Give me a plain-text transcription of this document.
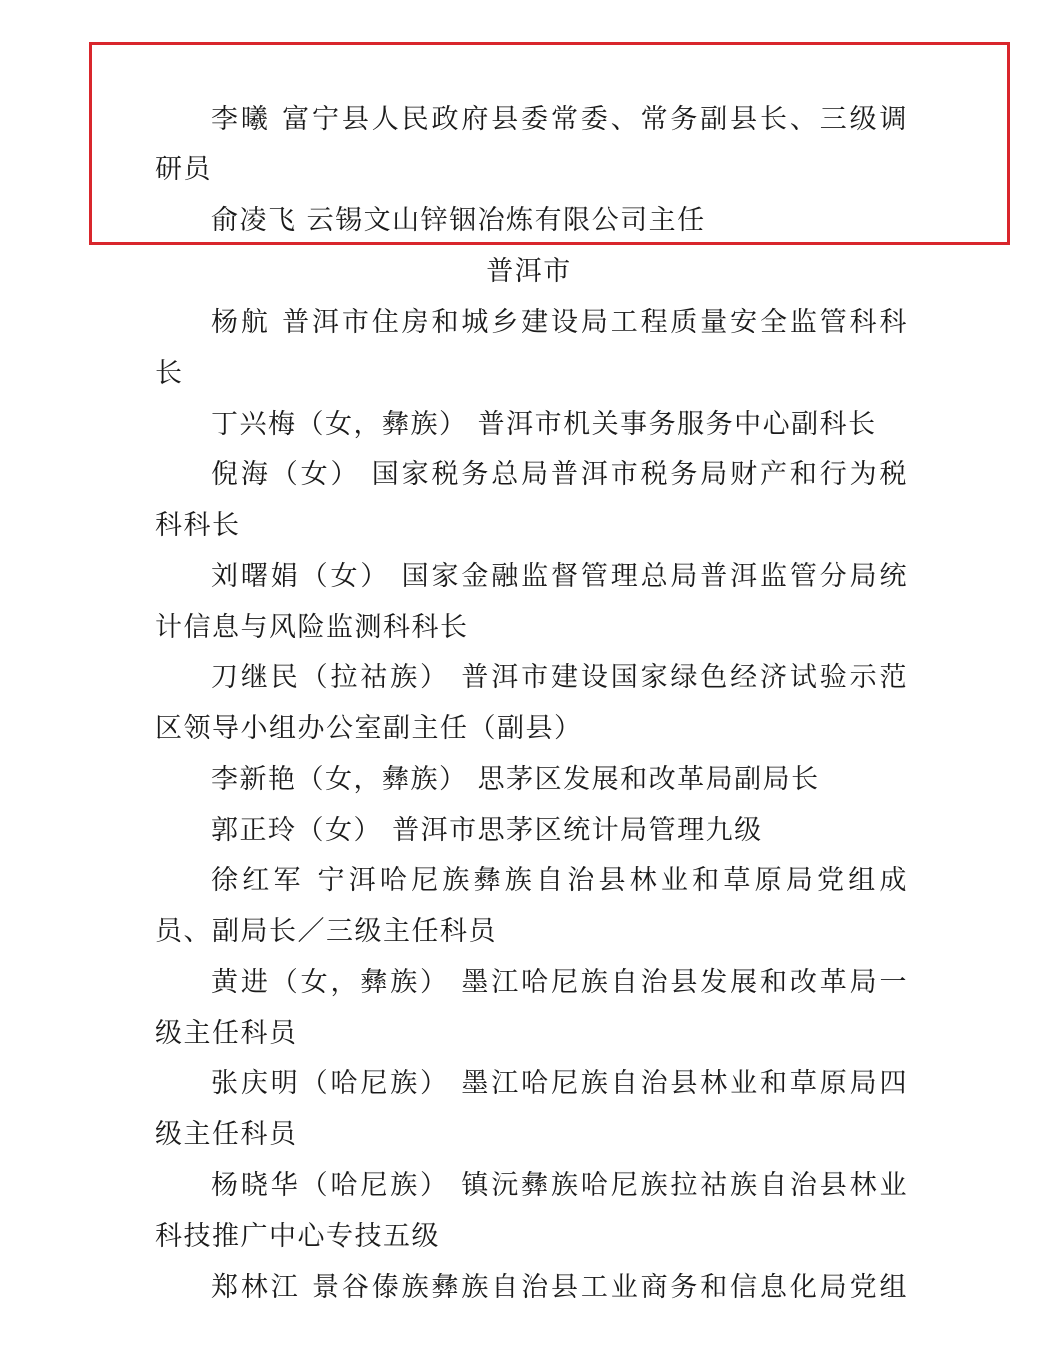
李曦 富宁县人民政府县委常委、常务副县长、三级调
研员
俞凌飞 云锡文山锌铟冶炼有限公司主任
普洱市
杨航 普洱市住房和城乡建设局工程质量安全监管科科
长
丁兴梅（女，彝族） 普洱市机关事务服务中心副科长
倪海（女） 国家税务总局普洱市税务局财产和行为税
科科长
刘曙娟（女） 国家金融监督管理总局普洱监管分局统
计信息与风险监测科科长
刀继民（拉祜族） 普洱市建设国家绿色经济试验示范
区领导小组办公室副主任（副县）
李新艳（女，彝族） 思茅区发展和改革局副局长
郭正玲（女） 普洱市思茅区统计局管理九级
徐红军 宁洱哈尼族彝族自治县林业和草原局党组成
员、副局长／三级主任科员
黄进（女，彝族） 墨江哈尼族自治县发展和改革局一
级主任科员
张庆明（哈尼族） 墨江哈尼族自治县林业和草原局四
级主任科员
杨晓华（哈尼族） 镇沅彝族哈尼族拉祜族自治县林业
科技推广中心专技五级
郑林江 景谷傣族彝族自治县工业商务和信息化局党组
